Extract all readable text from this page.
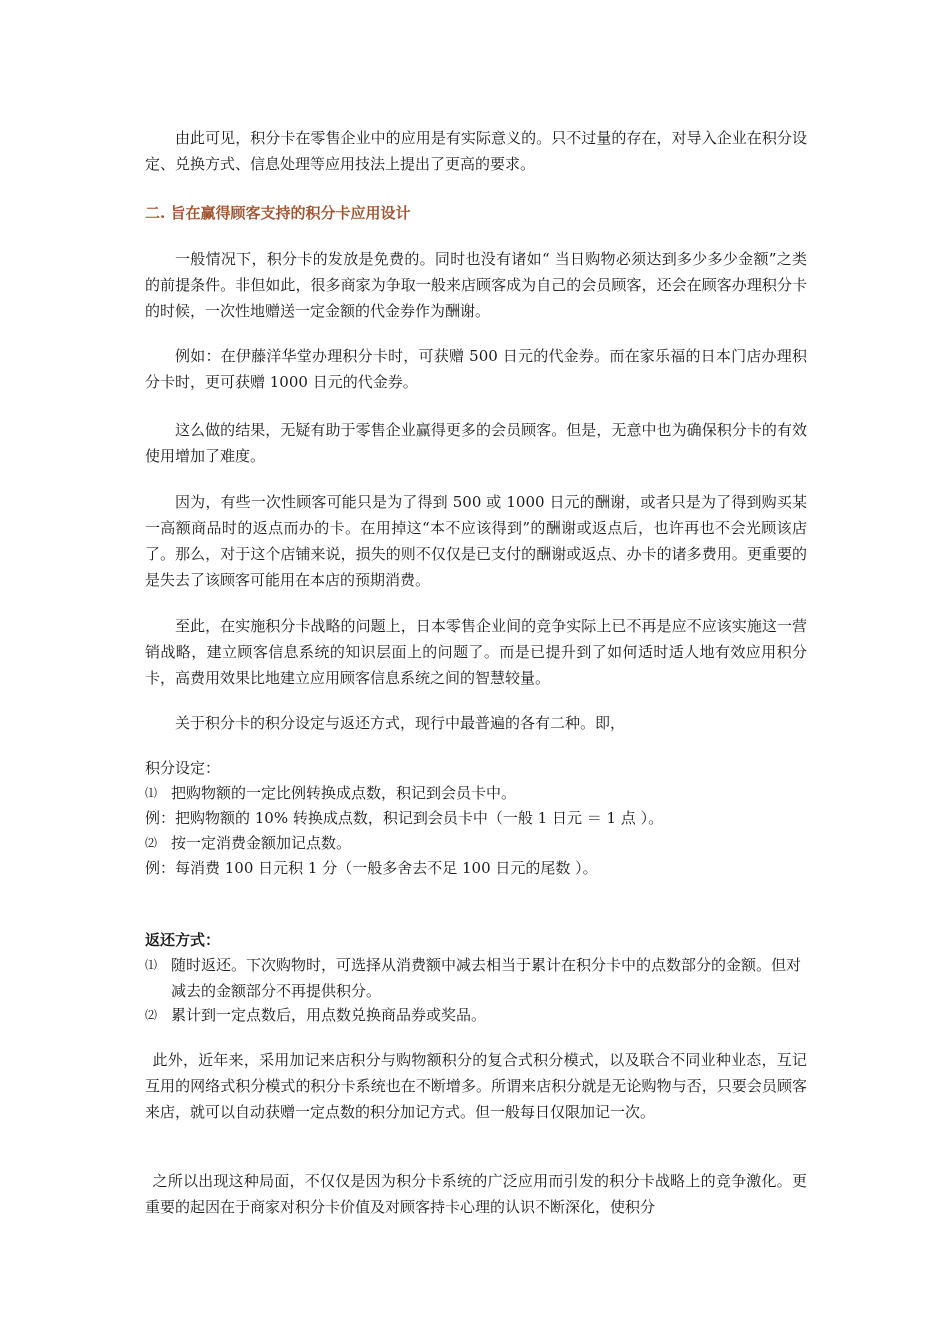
由此可见，积分卡在零售企业中的应用是有实际意义的。只不过量的存在，对导入企业在积分设定、兑换方式、信息处理等应用技法上提出了更高的要求。

二. 旨在赢得顾客支持的积分卡应用设计

一般情况下，积分卡的发放是免费的。同时也没有诸如“ 当日购物必须达到多少多少金额”之类的前提条件。非但如此，很多商家为争取一般来店顾客成为自己的会员顾客，还会在顾客办理积分卡的时候，一次性地赠送一定金额的代金券作为酬谢。

例如：在伊藤洋华堂办理积分卡时，可获赠 500 日元的代金券。而在家乐福的日本门店办理积分卡时，更可获赠 1000 日元的代金券。

这么做的结果，无疑有助于零售企业赢得更多的会员顾客。但是，无意中也为确保积分卡的有效使用增加了难度。

因为，有些一次性顾客可能只是为了得到 500 或 1000 日元的酬谢，或者只是为了得到购买某一高额商品时的返点而办的卡。在用掉这“本不应该得到”的酬谢或返点后，也许再也不会光顾该店了。那么，对于这个店铺来说，损失的则不仅仅是已支付的酬谢或返点、办卡的诸多费用。更重要的是失去了该顾客可能用在本店的预期消费。

至此，在实施积分卡战略的问题上，日本零售企业间的竞争实际上已不再是应不应该实施这一营销战略，建立顾客信息系统的知识层面上的问题了。而是已提升到了如何适时适人地有效应用积分卡，高费用效果比地建立应用顾客信息系统之间的智慧较量。

关于积分卡的积分设定与返还方式，现行中最普遍的各有二种。即，

积分设定：

⑴ 把购物额的一定比例转换成点数，积记到会员卡中。

例：把购物额的 10% 转换成点数，积记到会员卡中（一般 1 日元 ＝ 1 点 ）。

⑵ 按一定消费金额加记点数。

例：每消费 100 日元积 1 分（一般多舍去不足 100 日元的尾数 ）。

返还方式：

⑴ 随时返还。下次购物时，可选择从消费额中减去相当于累计在积分卡中的点数部分的金额。但对减去的金额部分不再提供积分。
⑵ 累计到一定点数后，用点数兑换商品券或奖品。

此外，近年来，采用加记来店积分与购物额积分的复合式积分模式，以及联合不同业种业态，互记互用的网络式积分模式的积分卡系统也在不断增多。所谓来店积分就是无论购物与否，只要会员顾客来店，就可以自动获赠一定点数的积分加记方式。但一般每日仅限加记一次。

之所以出现这种局面，不仅仅是因为积分卡系统的广泛应用而引发的积分卡战略上的竞争激化。更重要的起因在于商家对积分卡价值及对顾客持卡心理的认识不断深化，使积分
